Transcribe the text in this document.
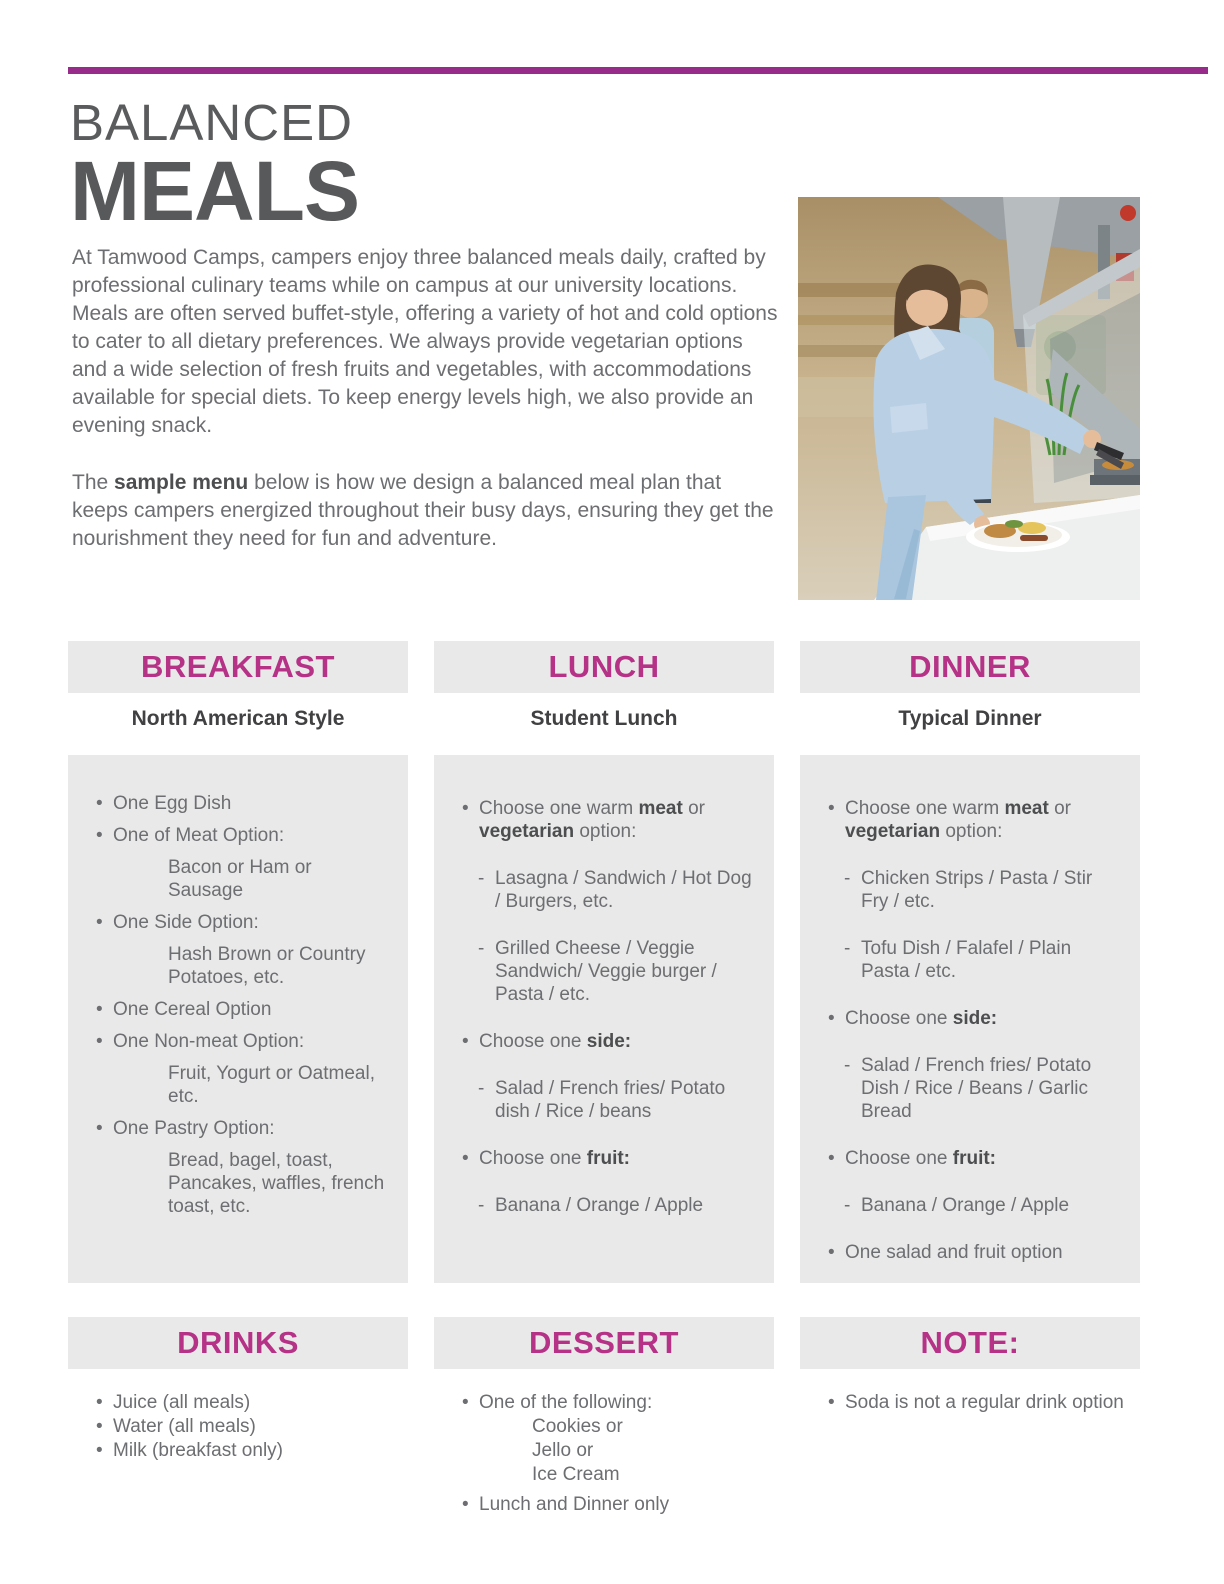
BALANCED
MEALS

At Tamwood Camps, campers enjoy three balanced meals daily, crafted by professional culinary teams while on campus at our university locations. Meals are often served buffet-style, offering a variety of hot and cold options to cater to all dietary preferences. We always provide vegetarian options and a wide selection of fresh fruits and vegetables, with accommodations available for special diets. To keep energy levels high, we also provide an evening snack.

The sample menu below is how we design a balanced meal plan that keeps campers energized throughout their busy days, ensuring they get the nourishment they need for fun and adventure.

BREAKFAST
North American Style
• One Egg Dish
• One of Meat Option:
Bacon or Ham or Sausage
• One Side Option:
Hash Brown or Country Potatoes, etc.
• One Cereal Option
• One Non-meat Option:
Fruit, Yogurt or Oatmeal, etc.
• One Pastry Option:
Bread, bagel, toast, Pancakes, waffles, french toast, etc.
LUNCH
Student Lunch
• Choose one warm meat or vegetarian option:
- Lasagna / Sandwich / Hot Dog / Burgers, etc.
- Grilled Cheese / Veggie Sandwich/ Veggie burger / Pasta / etc.
• Choose one side:
- Salad / French fries/ Potato dish / Rice / beans
• Choose one fruit:
- Banana / Orange / Apple
DINNER
Typical Dinner
• Choose one warm meat or vegetarian option:
- Chicken Strips / Pasta / Stir Fry / etc.
- Tofu Dish / Falafel / Plain Pasta / etc.
• Choose one side:
- Salad / French fries/ Potato Dish / Rice / Beans / Garlic Bread
• Choose one fruit:
- Banana / Orange / Apple
• One salad and fruit option
DRINKS
• Juice (all meals)
• Water (all meals)
• Milk (breakfast only)
DESSERT
• One of the following:
Cookies or
Jello or
Ice Cream
• Lunch and Dinner only
NOTE:
• Soda is not a regular drink option
